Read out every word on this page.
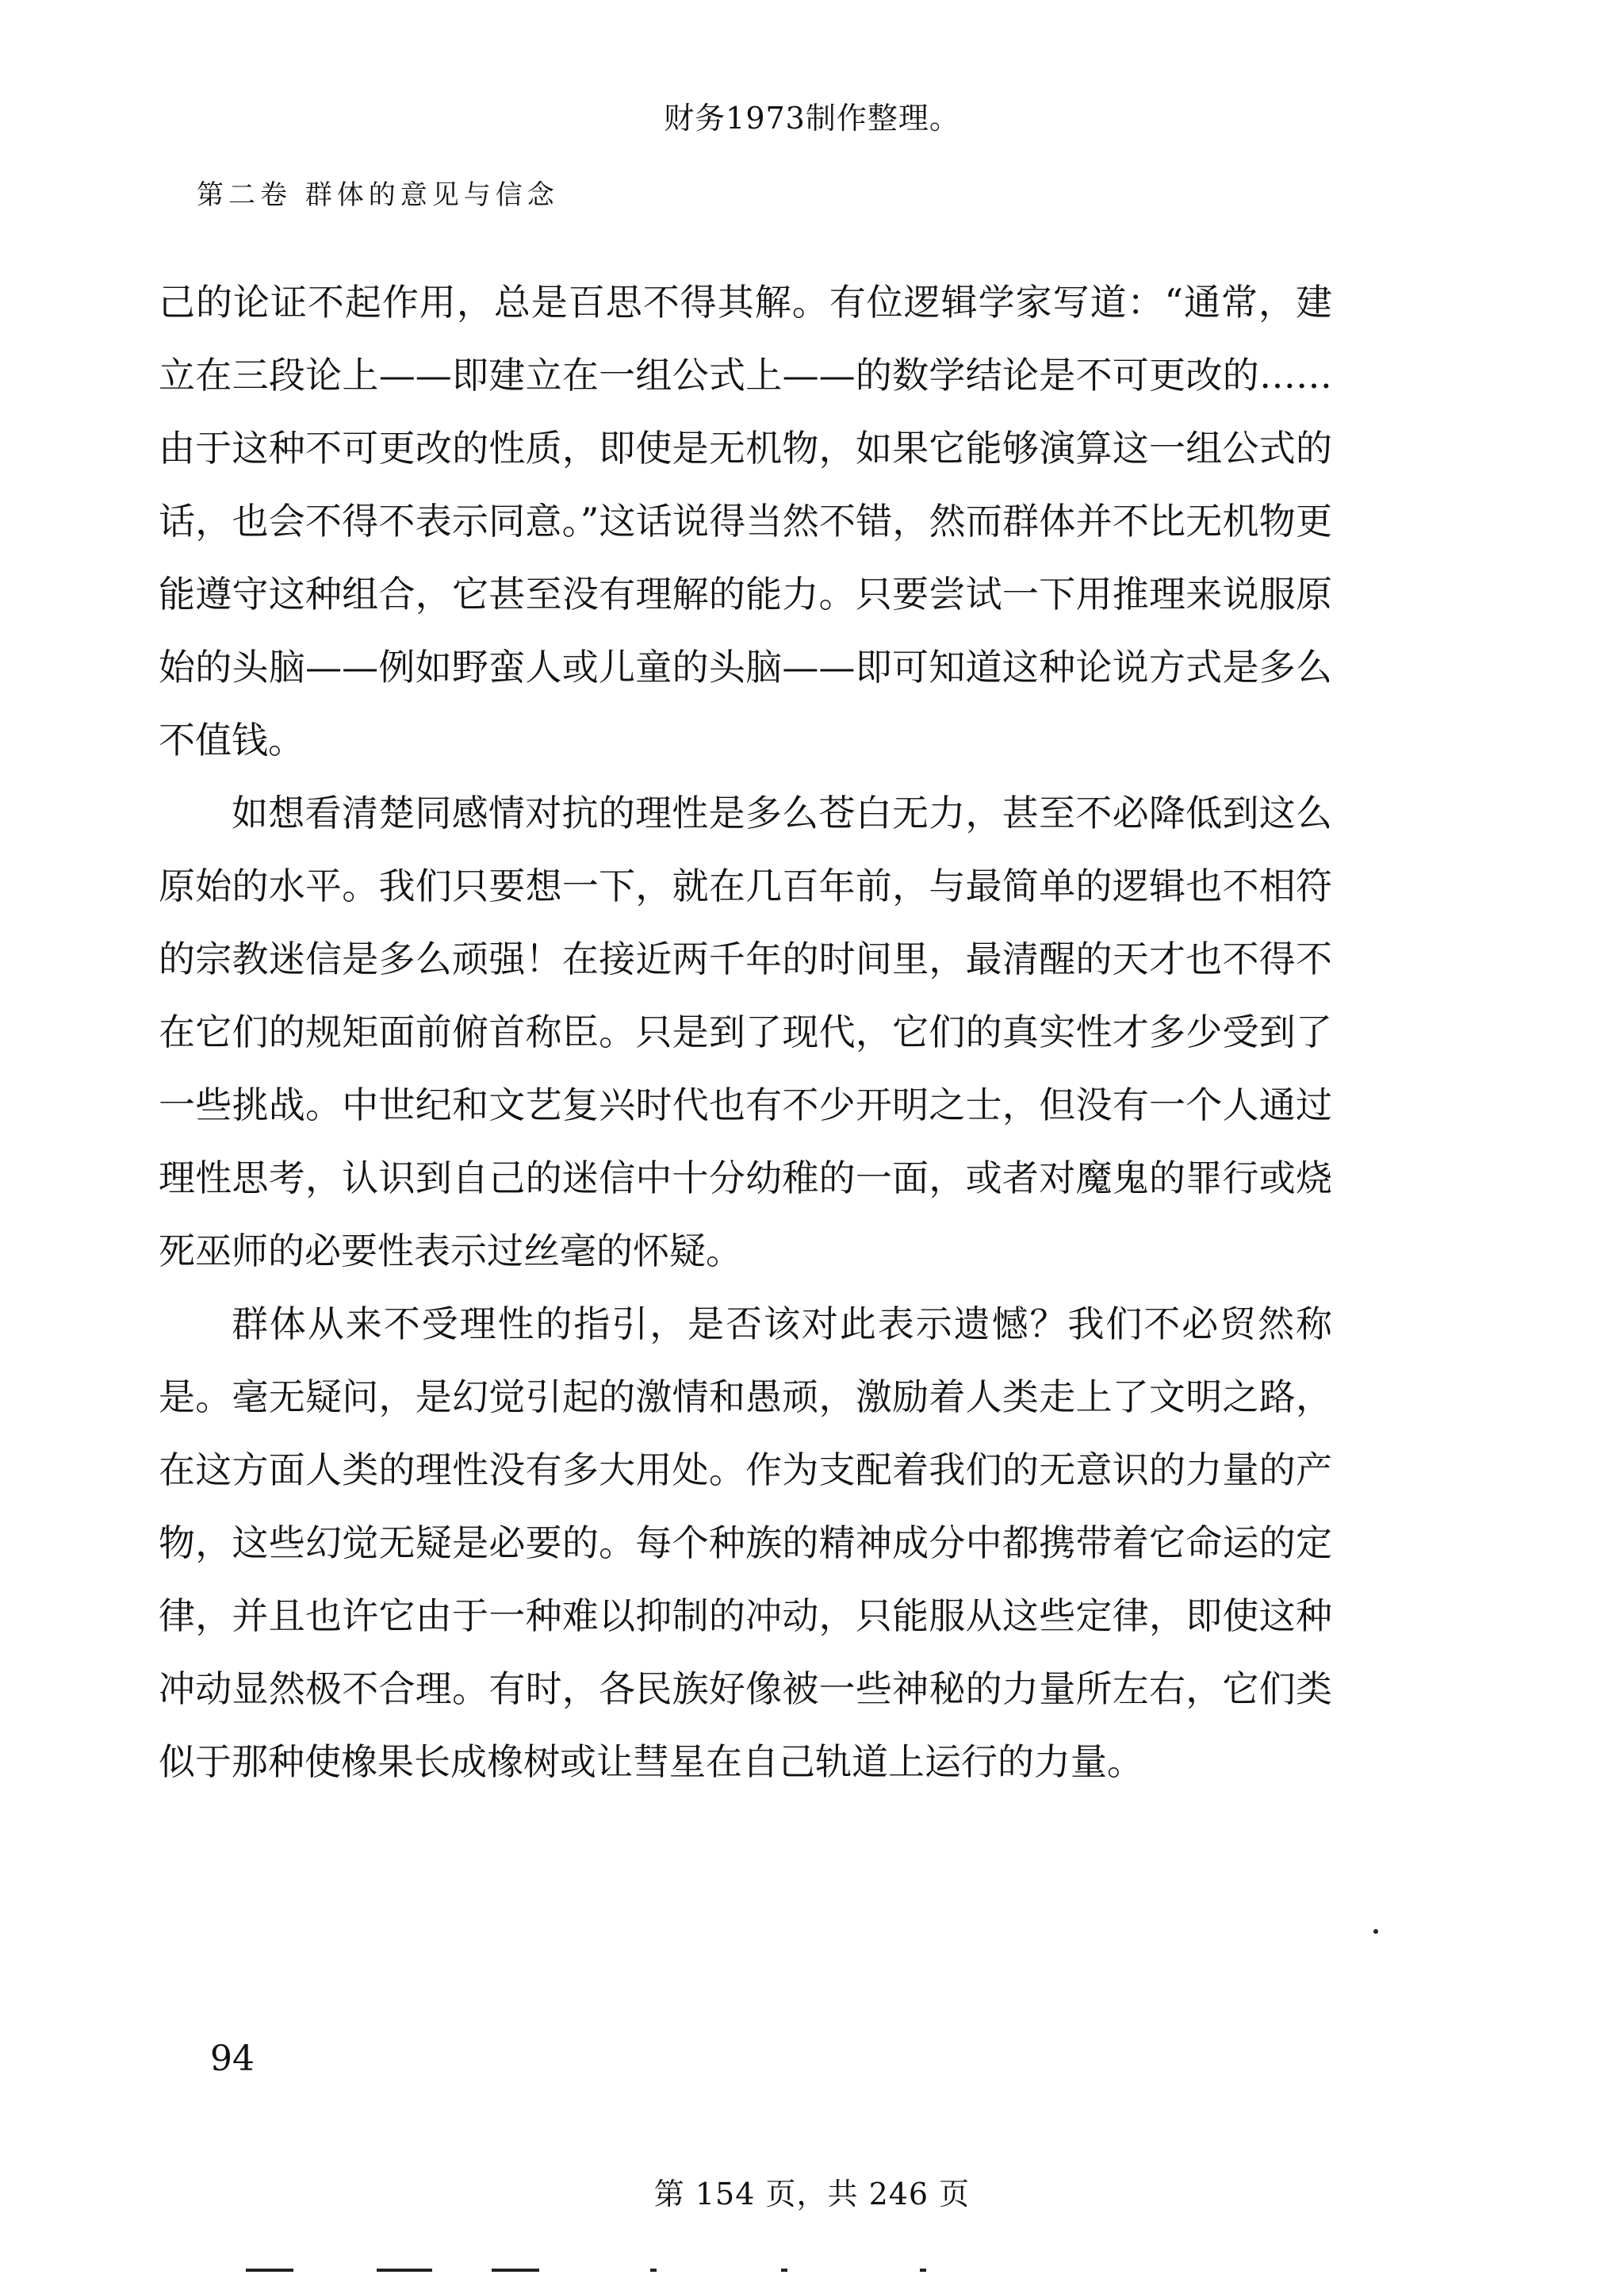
财务1973制作整理。
第二卷 群体的意见与信念

己的论证不起作用，总是百思不得其解。有位逻辑学家写道：“通常，建立在三段论上——即建立在一组公式上——的数学结论是不可更改的……由于这种不可更改的性质，即使是无机物，如果它能够演算这一组公式的话，也会不得不表示同意。”这话说得当然不错，然而群体并不比无机物更能遵守这种组合，它甚至没有理解的能力。只要尝试一下用推理来说服原始的头脑——例如野蛮人或儿童的头脑——即可知道这种论说方式是多么不值钱。

如想看清楚同感情对抗的理性是多么苍白无力，甚至不必降低到这么原始的水平。我们只要想一下，就在几百年前，与最简单的逻辑也不相符的宗教迷信是多么顽强！在接近两千年的时间里，最清醒的天才也不得不在它们的规矩面前俯首称臣。只是到了现代，它们的真实性才多少受到了一些挑战。中世纪和文艺复兴时代也有不少开明之士，但没有一个人通过理性思考，认识到自己的迷信中十分幼稚的一面，或者对魔鬼的罪行或烧死巫师的必要性表示过丝毫的怀疑。

群体从来不受理性的指引，是否该对此表示遗憾？我们不必贸然称是。毫无疑问，是幻觉引起的激情和愚顽，激励着人类走上了文明之路，在这方面人类的理性没有多大用处。作为支配着我们的无意识的力量的产物，这些幻觉无疑是必要的。每个种族的精神成分中都携带着它命运的定律，并且也许它由于一种难以抑制的冲动，只能服从这些定律，即使这种冲动显然极不合理。有时，各民族好像被一些神秘的力量所左右，它们类似于那种使橡果长成橡树或让彗星在自己轨道上运行的力量。

94
第 154 页，共 246 页
